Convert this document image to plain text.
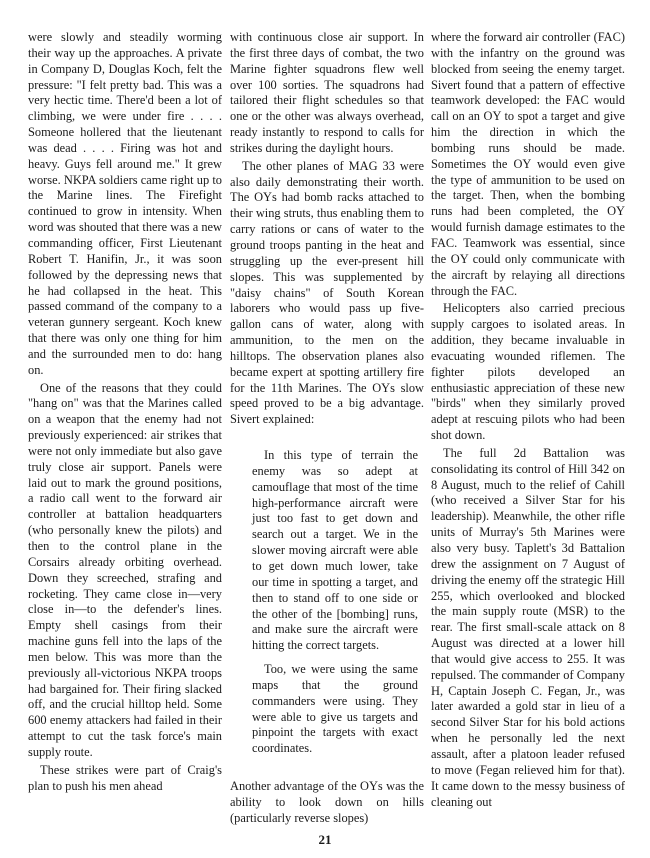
were slowly and steadily worming their way up the approaches. A private in Company D, Douglas Koch, felt the pressure: "I felt pretty bad. This was a very hectic time. There'd been a lot of climbing, we were under fire . . . . Someone hollered that the lieutenant was dead . . . . Firing was hot and heavy. Guys fell around me." It grew worse. NKPA soldiers came right up to the Marine lines. The Firefight continued to grow in intensity. When word was shouted that there was a new commanding officer, First Lieutenant Robert T. Hanifin, Jr., it was soon followed by the depressing news that he had collapsed in the heat. This passed command of the company to a veteran gunnery sergeant. Koch knew that there was only one thing for him and the surrounded men to do: hang on.

One of the reasons that they could "hang on" was that the Marines called on a weapon that the enemy had not previously experienced: air strikes that were not only immediate but also gave truly close air support. Panels were laid out to mark the ground positions, a radio call went to the forward air controller at battalion headquarters (who personally knew the pilots) and then to the control plane in the Corsairs already orbiting overhead. Down they screeched, strafing and rocketing. They came close in—very close in—to the defender's lines. Empty shell casings from their machine guns fell into the laps of the men below. This was more than the previously all-victorious NKPA troops had bargained for. Their firing slacked off, and the crucial hilltop held. Some 600 enemy attackers had failed in their attempt to cut the task force's main supply route.

These strikes were part of Craig's plan to push his men ahead

with continuous close air support. In the first three days of combat, the two Marine fighter squadrons flew well over 100 sorties. The squadrons had tailored their flight schedules so that one or the other was always overhead, ready instantly to respond to calls for strikes during the daylight hours.

The other planes of MAG 33 were also daily demonstrating their worth. The OYs had bomb racks attached to their wing struts, thus enabling them to carry rations or cans of water to the ground troops panting in the heat and struggling up the ever-present hill slopes. This was supplemented by "daisy chains" of South Korean laborers who would pass up five-gallon cans of water, along with ammunition, to the men on the hilltops. The observation planes also became expert at spotting artillery fire for the 11th Marines. The OYs slow speed proved to be a big advantage. Sivert explained:

In this type of terrain the enemy was so adept at camouflage that most of the time high-performance aircraft were just too fast to get down and search out a target. We in the slower moving aircraft were able to get down much lower, take our time in spotting a target, and then to stand off to one side or the other of the [bombing] runs, and make sure the aircraft were hitting the correct targets.

Too, we were using the same maps that the ground commanders were using. They were able to give us targets and pinpoint the targets with exact coordinates.

Another advantage of the OYs was the ability to look down on hills (particularly reverse slopes)

where the forward air controller (FAC) with the infantry on the ground was blocked from seeing the enemy target. Sivert found that a pattern of effective teamwork developed: the FAC would call on an OY to spot a target and give him the direction in which the bombing runs should be made. Sometimes the OY would even give the type of ammunition to be used on the target. Then, when the bombing runs had been completed, the OY would furnish damage estimates to the FAC. Teamwork was essential, since the OY could only communicate with the aircraft by relaying all directions through the FAC.

Helicopters also carried precious supply cargoes to isolated areas. In addition, they became invaluable in evacuating wounded riflemen. The fighter pilots developed an enthusiastic appreciation of these new "birds" when they similarly proved adept at rescuing pilots who had been shot down.

The full 2d Battalion was consolidating its control of Hill 342 on 8 August, much to the relief of Cahill (who received a Silver Star for his leadership). Meanwhile, the other rifle units of Murray's 5th Marines were also very busy. Taplett's 3d Battalion drew the assignment on 7 August of driving the enemy off the strategic Hill 255, which overlooked and blocked the main supply route (MSR) to the rear. The first small-scale attack on 8 August was directed at a lower hill that would give access to 255. It was repulsed. The commander of Company H, Captain Joseph C. Fegan, Jr., was later awarded a gold star in lieu of a second Silver Star for his bold actions when he personally led the next assault, after a platoon leader refused to move (Fegan relieved him for that). It came down to the messy business of cleaning out

21
